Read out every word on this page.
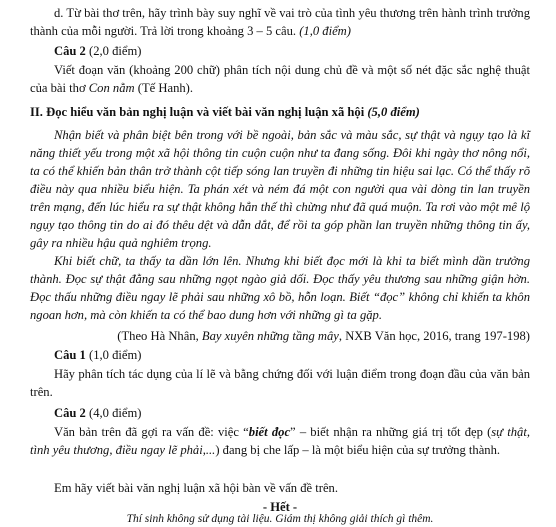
d. Từ bài thơ trên, hãy trình bày suy nghĩ về vai trò của tình yêu thương trên hành trình trưởng thành của mỗi người. Trả lời trong khoảng 3 – 5 câu. (1,0 điểm)

Câu 2 (2,0 điểm)

Viết đoạn văn (khoảng 200 chữ) phân tích nội dung chủ đề và một số nét đặc sắc nghệ thuật của bài thơ Con nằm (Tế Hanh).

II. Đọc hiểu văn bản nghị luận và viết bài văn nghị luận xã hội (5,0 điểm)

Nhận biết và phân biệt bên trong với bề ngoài, bản sắc và màu sắc, sự thật và ngụy tạo là kĩ năng thiết yếu trong một xã hội thông tin cuộn cuộn như ta đang sống. Đôi khi ngày thơ nông nổi, ta có thể khiến bản thân trở thành cột tiếp sóng lan truyền đi những tin hiệu sai lạc. Có thể thấy rõ điều này qua nhiều biểu hiện. Ta phán xét và ném đá một con người qua vài dòng tin lan truyền trên mạng, đến lúc hiểu ra sự thật không hẳn thế thì chừng như đã quá muộn. Ta rơi vào một mê lộ ngụy tạo thông tin do ai đó thêu dệt và dẫn dắt, để rồi ta góp phần lan truyền những thông tin ấy, gây ra nhiều hậu quả nghiêm trọng.

Khi biết chữ, ta thấy ta dần lớn lên. Nhưng khi biết đọc mới là khi ta biết mình dần trưởng thành. Đọc sự thật đằng sau những ngọt ngào giả dối. Đọc thấy yêu thương sau những giận hờn. Đọc thấu những điều ngay lẽ phải sau những xô bồ, hỗn loạn. Biết “đọc” không chỉ khiến ta khôn ngoan hơn, mà còn khiến ta có thể bao dung hơn với những gì ta gặp.

(Theo Hà Nhân, Bay xuyên những tầng mây, NXB Văn học, 2016, trang 197-198)

Câu 1 (1,0 điểm)

Hãy phân tích tác dụng của lí lẽ và bằng chứng đối với luận điểm trong đoạn đầu của văn bản trên.

Câu 2 (4,0 điểm)

Văn bản trên đã gợi ra vấn đề: việc “biết đọc” – biết nhận ra những giá trị tốt đẹp (sự thật, tình yêu thương, điều ngay lẽ phải,...) đang bị che lấp – là một biểu hiện của sự trưởng thành.

Em hãy viết bài văn nghị luận xã hội bàn về vấn đề trên.

- Hết -
Thí sinh không sử dụng tài liệu. Giám thị không giải thích gì thêm.
